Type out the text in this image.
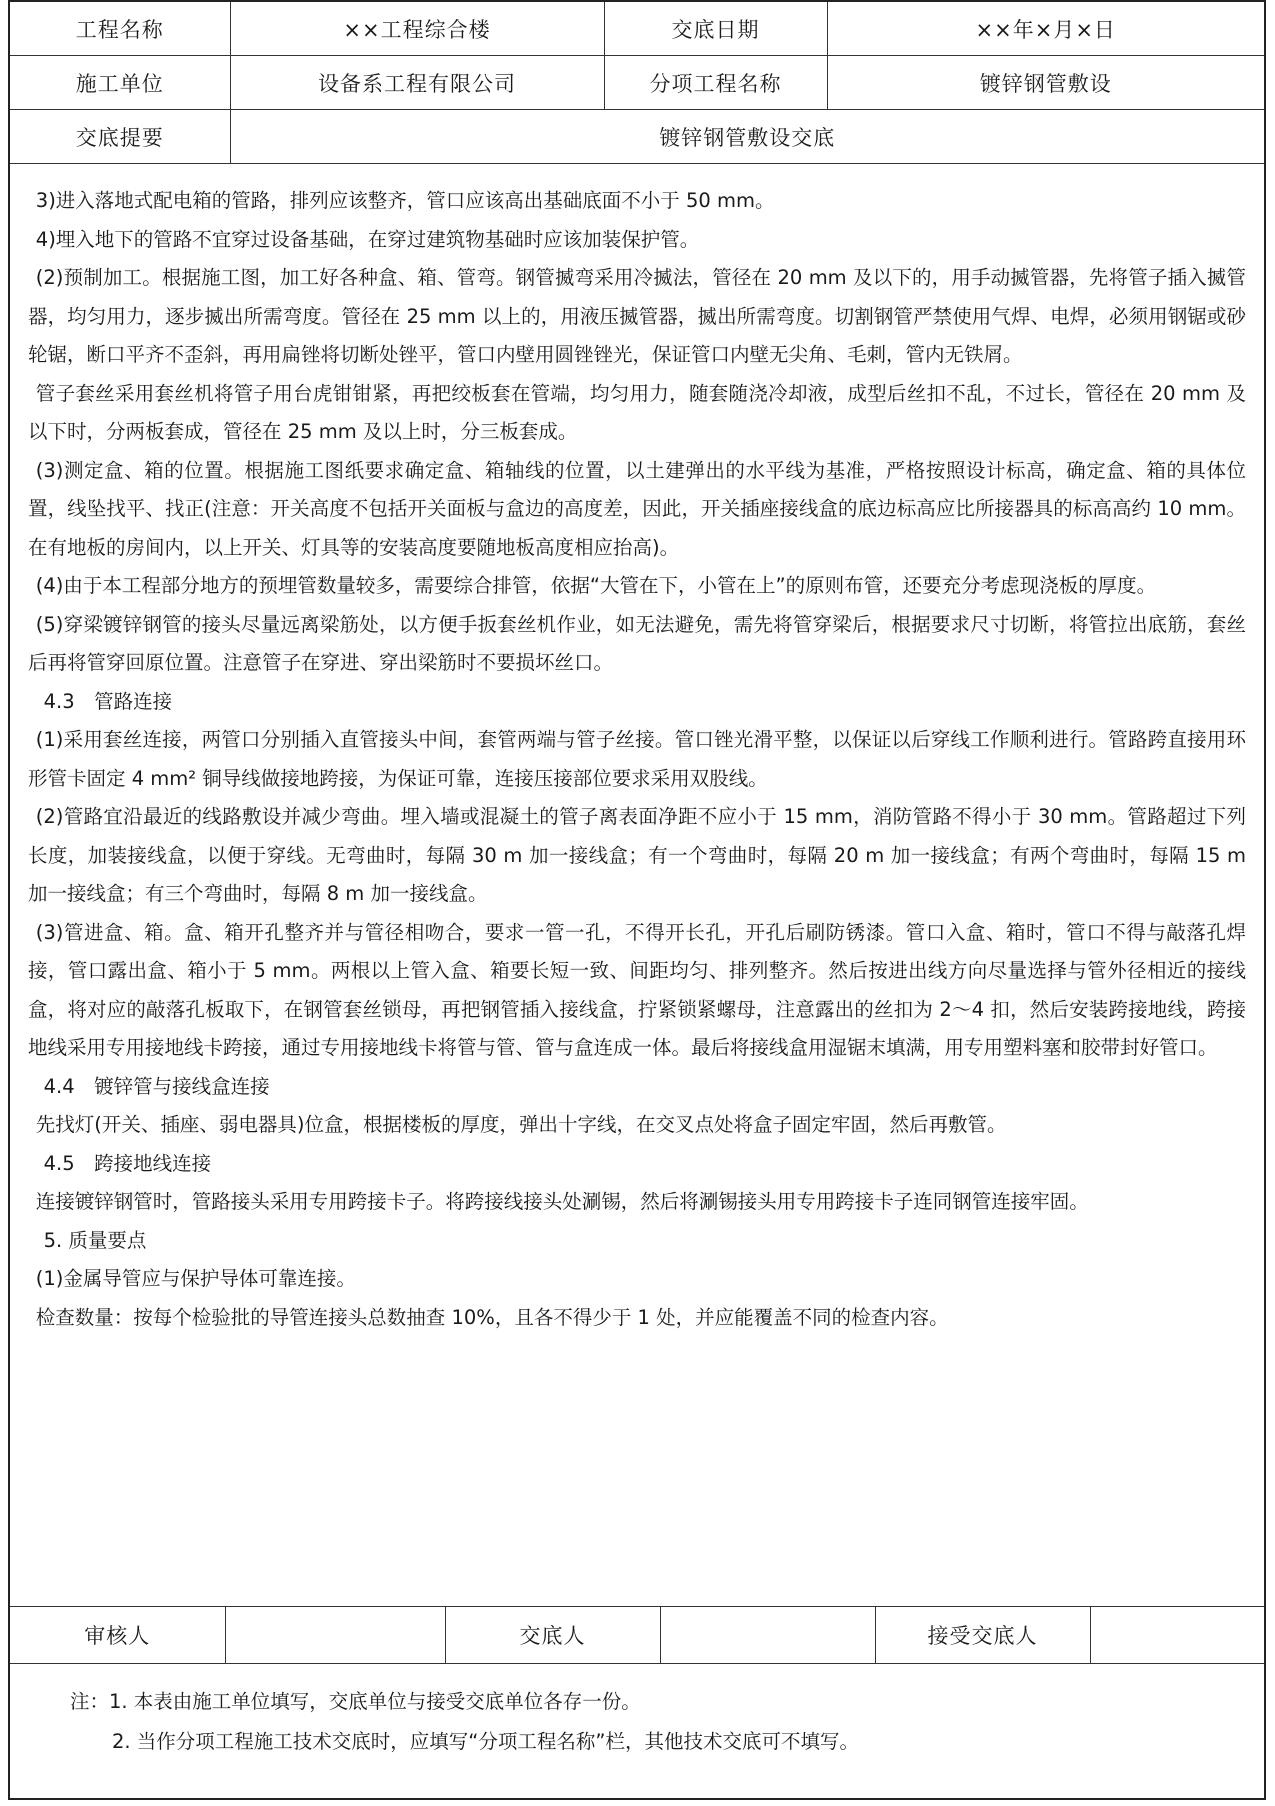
工程名称	××工程综合楼	交底日期	××年×月×日
施工单位	设备系工程有限公司	分项工程名称	镀锌钢管敷设
交底提要	镀锌钢管敷设交底		

3)进入落地式配电箱的管路，排列应该整齐，管口应该高出基础底面不小于 50 mm。

4)埋入地下的管路不宜穿过设备基础，在穿过建筑物基础时应该加装保护管。

(2)预制加工。根据施工图，加工好各种盒、箱、管弯。钢管揻弯采用冷揻法，管径在 20 mm 及以下的，用手动揻管器，先将管子插入揻管器，均匀用力，逐步揻出所需弯度。管径在 25 mm 以上的，用液压揻管器，揻出所需弯度。切割钢管严禁使用气焊、电焊，必须用钢锯或砂轮锯，断口平齐不歪斜，再用扁锉将切断处锉平，管口内壁用圆锉锉光，保证管口内壁无尖角、毛刺，管内无铁屑。

管子套丝采用套丝机将管子用台虎钳钳紧，再把绞板套在管端，均匀用力，随套随浇冷却液，成型后丝扣不乱，不过长，管径在 20 mm 及以下时，分两板套成，管径在 25 mm 及以上时，分三板套成。

(3)测定盒、箱的位置。根据施工图纸要求确定盒、箱轴线的位置，以土建弹出的水平线为基准，严格按照设计标高，确定盒、箱的具体位置，线坠找平、找正(注意：开关高度不包括开关面板与盒边的高度差，因此，开关插座接线盒的底边标高应比所接器具的标高高约 10 mm。在有地板的房间内，以上开关、灯具等的安装高度要随地板高度相应抬高)。

(4)由于本工程部分地方的预埋管数量较多，需要综合排管，依据“大管在下，小管在上”的原则布管，还要充分考虑现浇板的厚度。

(5)穿梁镀锌钢管的接头尽量远离梁筋处，以方便手扳套丝机作业，如无法避免，需先将管穿梁后，根据要求尺寸切断，将管拉出底筋，套丝后再将管穿回原位置。注意管子在穿进、穿出梁筋时不要损坏丝口。

4.3　管路连接

(1)采用套丝连接，两管口分别插入直管接头中间，套管两端与管子丝接。管口锉光滑平整，以保证以后穿线工作顺利进行。管路跨直接用环形管卡固定 4 mm² 铜导线做接地跨接，为保证可靠，连接压接部位要求采用双股线。

(2)管路宜沿最近的线路敷设并减少弯曲。埋入墙或混凝土的管子离表面净距不应小于 15 mm，消防管路不得小于 30 mm。管路超过下列长度，加装接线盒，以便于穿线。无弯曲时，每隔 30 m 加一接线盒；有一个弯曲时，每隔 20 m 加一接线盒；有两个弯曲时，每隔 15 m 加一接线盒；有三个弯曲时，每隔 8 m 加一接线盒。

(3)管进盒、箱。盒、箱开孔整齐并与管径相吻合，要求一管一孔，不得开长孔，开孔后刷防锈漆。管口入盒、箱时，管口不得与敲落孔焊接，管口露出盒、箱小于 5 mm。两根以上管入盒、箱要长短一致、间距均匀、排列整齐。然后按进出线方向尽量选择与管外径相近的接线盒，将对应的敲落孔板取下，在钢管套丝锁母，再把钢管插入接线盒，拧紧锁紧螺母，注意露出的丝扣为 2～4 扣，然后安装跨接地线，跨接地线采用专用接地线卡跨接，通过专用接地线卡将管与管、管与盒连成一体。最后将接线盒用湿锯末填满，用专用塑料塞和胶带封好管口。

4.4　镀锌管与接线盒连接

先找灯(开关、插座、弱电器具)位盒，根据楼板的厚度，弹出十字线，在交叉点处将盒子固定牢固，然后再敷管。

4.5　跨接地线连接

连接镀锌钢管时，管路接头采用专用跨接卡子。将跨接线接头处涮锡，然后将涮锡接头用专用跨接卡子连同钢管连接牢固。

5. 质量要点

(1)金属导管应与保护导体可靠连接。

检查数量：按每个检验批的导管连接头总数抽查 10%，且各不得少于 1 处，并应能覆盖不同的检查内容。

审核人		交底人		接受交底人	

注：1. 本表由施工单位填写，交底单位与接受交底单位各存一份。

2. 当作分项工程施工技术交底时，应填写“分项工程名称”栏，其他技术交底可不填写。
